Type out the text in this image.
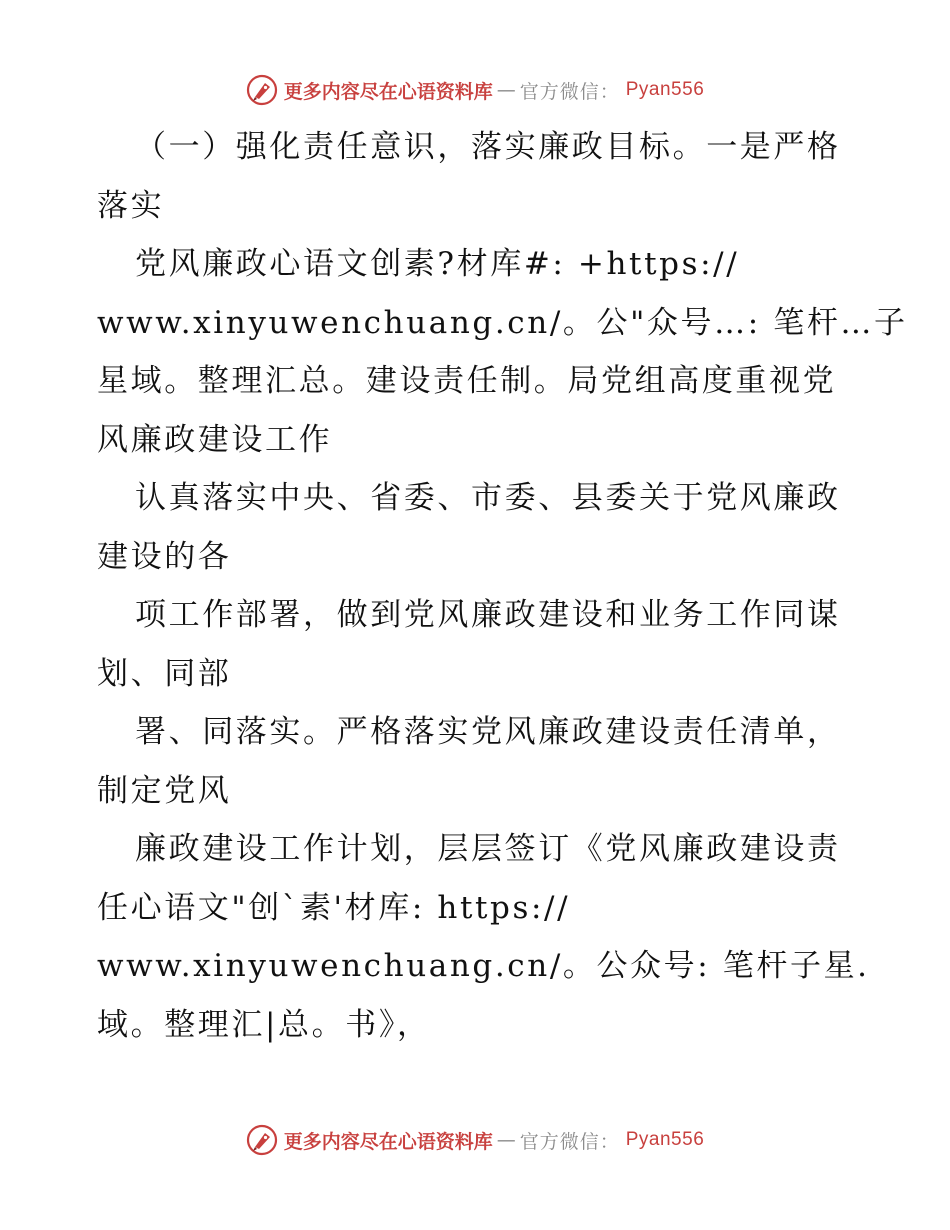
更多内容尽在心语资料库 — 官方微信： Pyan556
（一）强化责任意识，落实廉政目标。一是严格
落实
党风廉政心语文创素?材库#: +https://
www.xinyuwenchuang.cn/。公"众号…: 笔杆…子
星域。整理汇总。建设责任制。局党组高度重视党
风廉政建设工作
认真落实中央、省委、市委、县委关于党风廉政
建设的各
项工作部署，做到党风廉政建设和业务工作同谋
划、同部
署、同落实。严格落实党风廉政建设责任清单，
制定党风
廉政建设工作计划，层层签订《党风廉政建设责
任心语文"创`素'材库: https://
www.xinyuwenchuang.cn/。公众号: 笔杆子星.
域。整理汇|总。书》，
更多内容尽在心语资料库 — 官方微信： Pyan556
